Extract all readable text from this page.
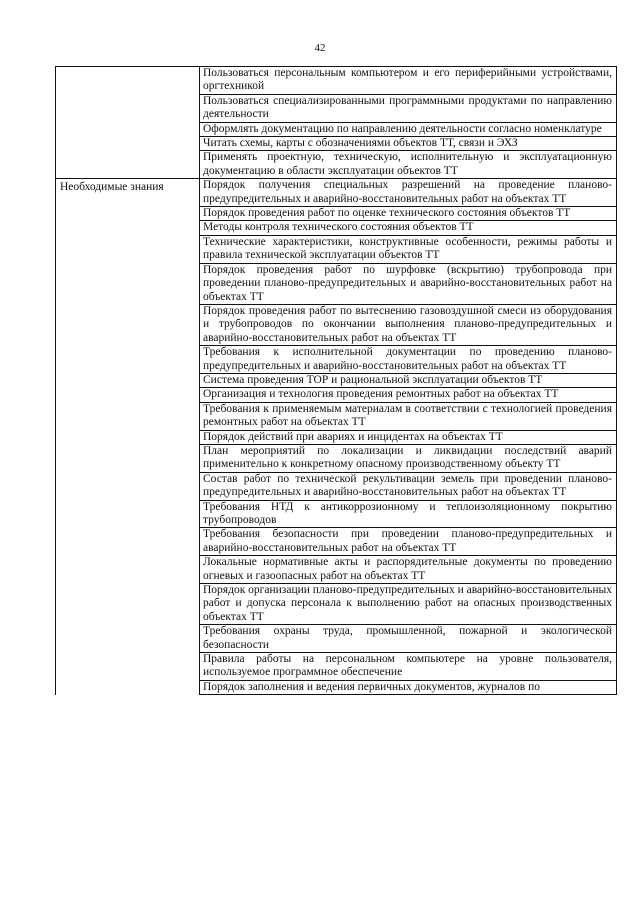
42

	Пользоваться персональным компьютером и его периферийными устройствами, оргтехникой

	Пользоваться специализированными программными продуктами по направлению деятельности

	Оформлять документацию по направлению деятельности согласно номенклатуре

	Читать схемы, карты с обозначениями объектов ТТ, связи и ЭХЗ

	Применять проектную, техническую, исполнительную и эксплуатационную документацию в области эксплуатации объектов ТТ

Необходимые знания	Порядок получения специальных разрешений на проведение планово-предупредительных и аварийно-восстановительных работ на объектах ТТ

	Порядок проведения работ по оценке технического состояния объектов ТТ

	Методы контроля технического состояния объектов ТТ

	Технические характеристики, конструктивные особенности, режимы работы и правила технической эксплуатации объектов ТТ

	Порядок проведения работ по шурфовке (вскрытию) трубопровода при проведении планово-предупредительных и аварийно-восстановительных работ на объектах ТТ

	Порядок проведения работ по вытеснению газовоздушной смеси из оборудования и трубопроводов по окончании выполнения планово-предупредительных и аварийно-восстановительных работ на объектах ТТ

	Требования к исполнительной документации по проведению планово-предупредительных и аварийно-восстановительных работ на объектах ТТ

	Система проведения ТОР и рациональной эксплуатации объектов ТТ

	Организация и технология проведения ремонтных работ на объектах ТТ

	Требования к применяемым материалам в соответствии с технологией проведения ремонтных работ на объектах ТТ

	Порядок действий при авариях и инцидентах на объектах ТТ

	План мероприятий по локализации и ликвидации последствий аварий применительно к конкретному опасному производственному объекту ТТ

	Состав работ по технической рекультивации земель при проведении планово-предупредительных и аварийно-восстановительных работ на объектах ТТ

	Требования НТД к антикоррозионному и теплоизоляционному покрытию трубопроводов

	Требования безопасности при проведении планово-предупредительных и аварийно-восстановительных работ на объектах ТТ

	Локальные нормативные акты и распорядительные документы по проведению огневых и газоопасных работ на объектах ТТ

	Порядок организации планово-предупредительных и аварийно-восстановительных работ и допуска персонала к выполнению работ на опасных производственных объектах ТТ

	Требования охраны труда, промышленной, пожарной и экологической безопасности

	Правила работы на персональном компьютере на уровне пользователя, используемое программное обеспечение

	Порядок заполнения и ведения первичных документов, журналов по
